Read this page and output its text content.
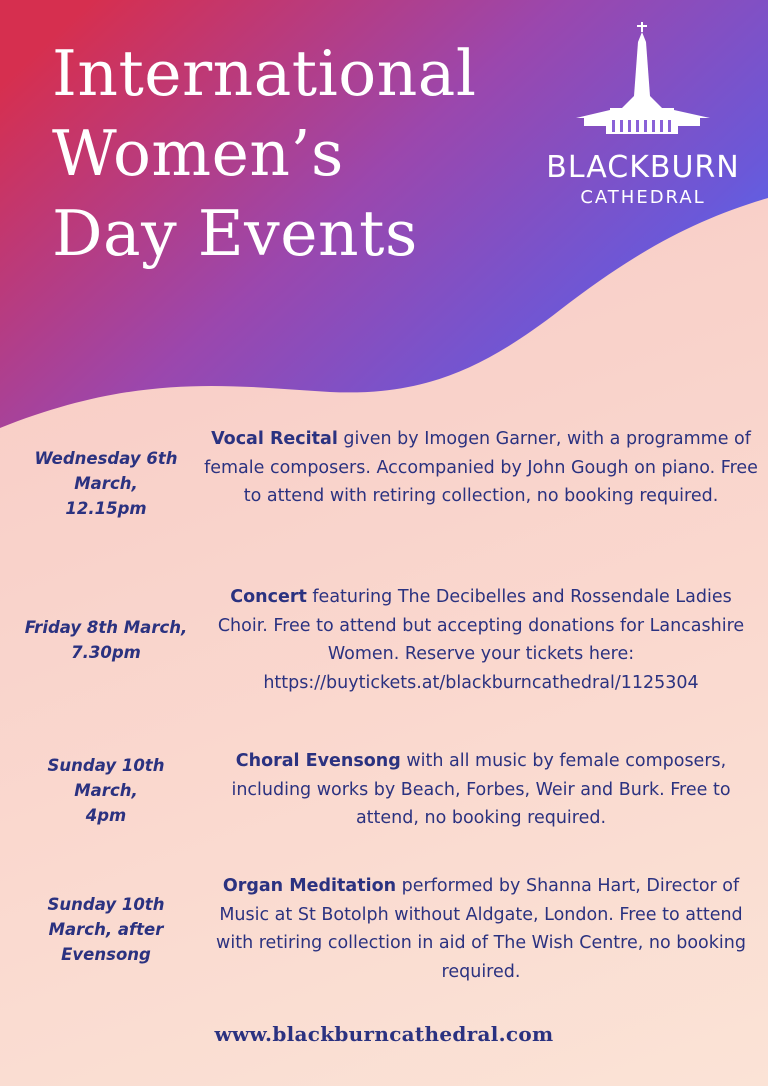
International
Women’s
Day Events
BLACKBURN
CATHEDRAL
Wednesday 6th
March,
12.15pm

Vocal Recital given by Imogen Garner, with a programme of female composers. Accompanied by John Gough on piano. Free to attend with retiring collection, no booking required.

Friday 8th March,
7.30pm

Concert featuring The Decibelles and Rossendale Ladies Choir. Free to attend but accepting donations for Lancashire Women. Reserve your tickets here: https://buytickets.at/blackburncathedral/1125304

Sunday 10th
March,
4pm

Choral Evensong with all music by female composers, including works by Beach, Forbes, Weir and Burk. Free to attend, no booking required.

Sunday 10th
March, after
Evensong

Organ Meditation performed by Shanna Hart, Director of Music at St Botolph without Aldgate, London. Free to attend with retiring collection in aid of The Wish Centre, no booking required.

www.blackburncathedral.com
